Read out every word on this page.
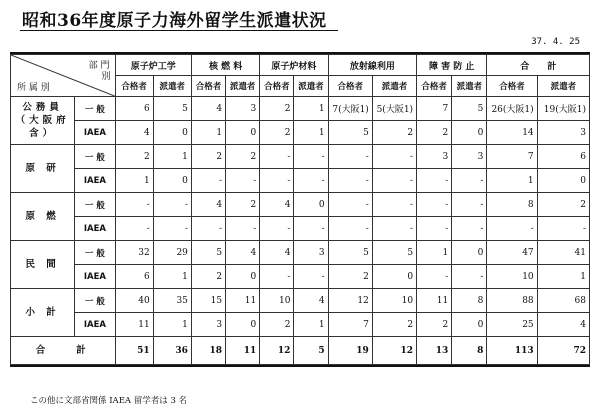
昭和36年度原子力海外留学生派遣状況
37. 4. 25
所 属 別
部 門
別		原子炉工学		核 燃 料		原子炉材料		放射線利用		障 害 防 止		合　　計	
		合格者	派遣者	合格者	派遣者	合格者	派遣者	合格者	派遣者	合格者	派遣者	合格者	派遣者
公務員（大阪府含）	一 般	6	5	4	3	2	1	7(大阪1)	5(大阪1)	7	5	26(大阪1)	19(大阪1)
	IAEA	4	0	1	0	2	1	5	2	2	0	14	3
原 研	一 般	2	1	2	2	-	-	-	-	3	3	7	6
	IAEA	1	0	-	-	-	-	-	-	-	-	1	0
原 燃	一 般	-	-	4	2	4	0	-	-	-	-	8	2
	IAEA	-	-	-	-	-	-	-	-	-	-	-	-
民 間	一 般	32	29	5	4	4	3	5	5	1	0	47	41
	IAEA	6	1	2	0	-	-	2	0	-	-	10	1
小 計	一 般	40	35	15	11	10	4	12	10	11	8	88	68
	IAEA	11	1	3	0	2	1	7	2	2	0	25	4
合　　計		51	36	18	11	12	5	19	12	13	8	113	72
この他に文部省関係 IAEA 留学者は 3 名
